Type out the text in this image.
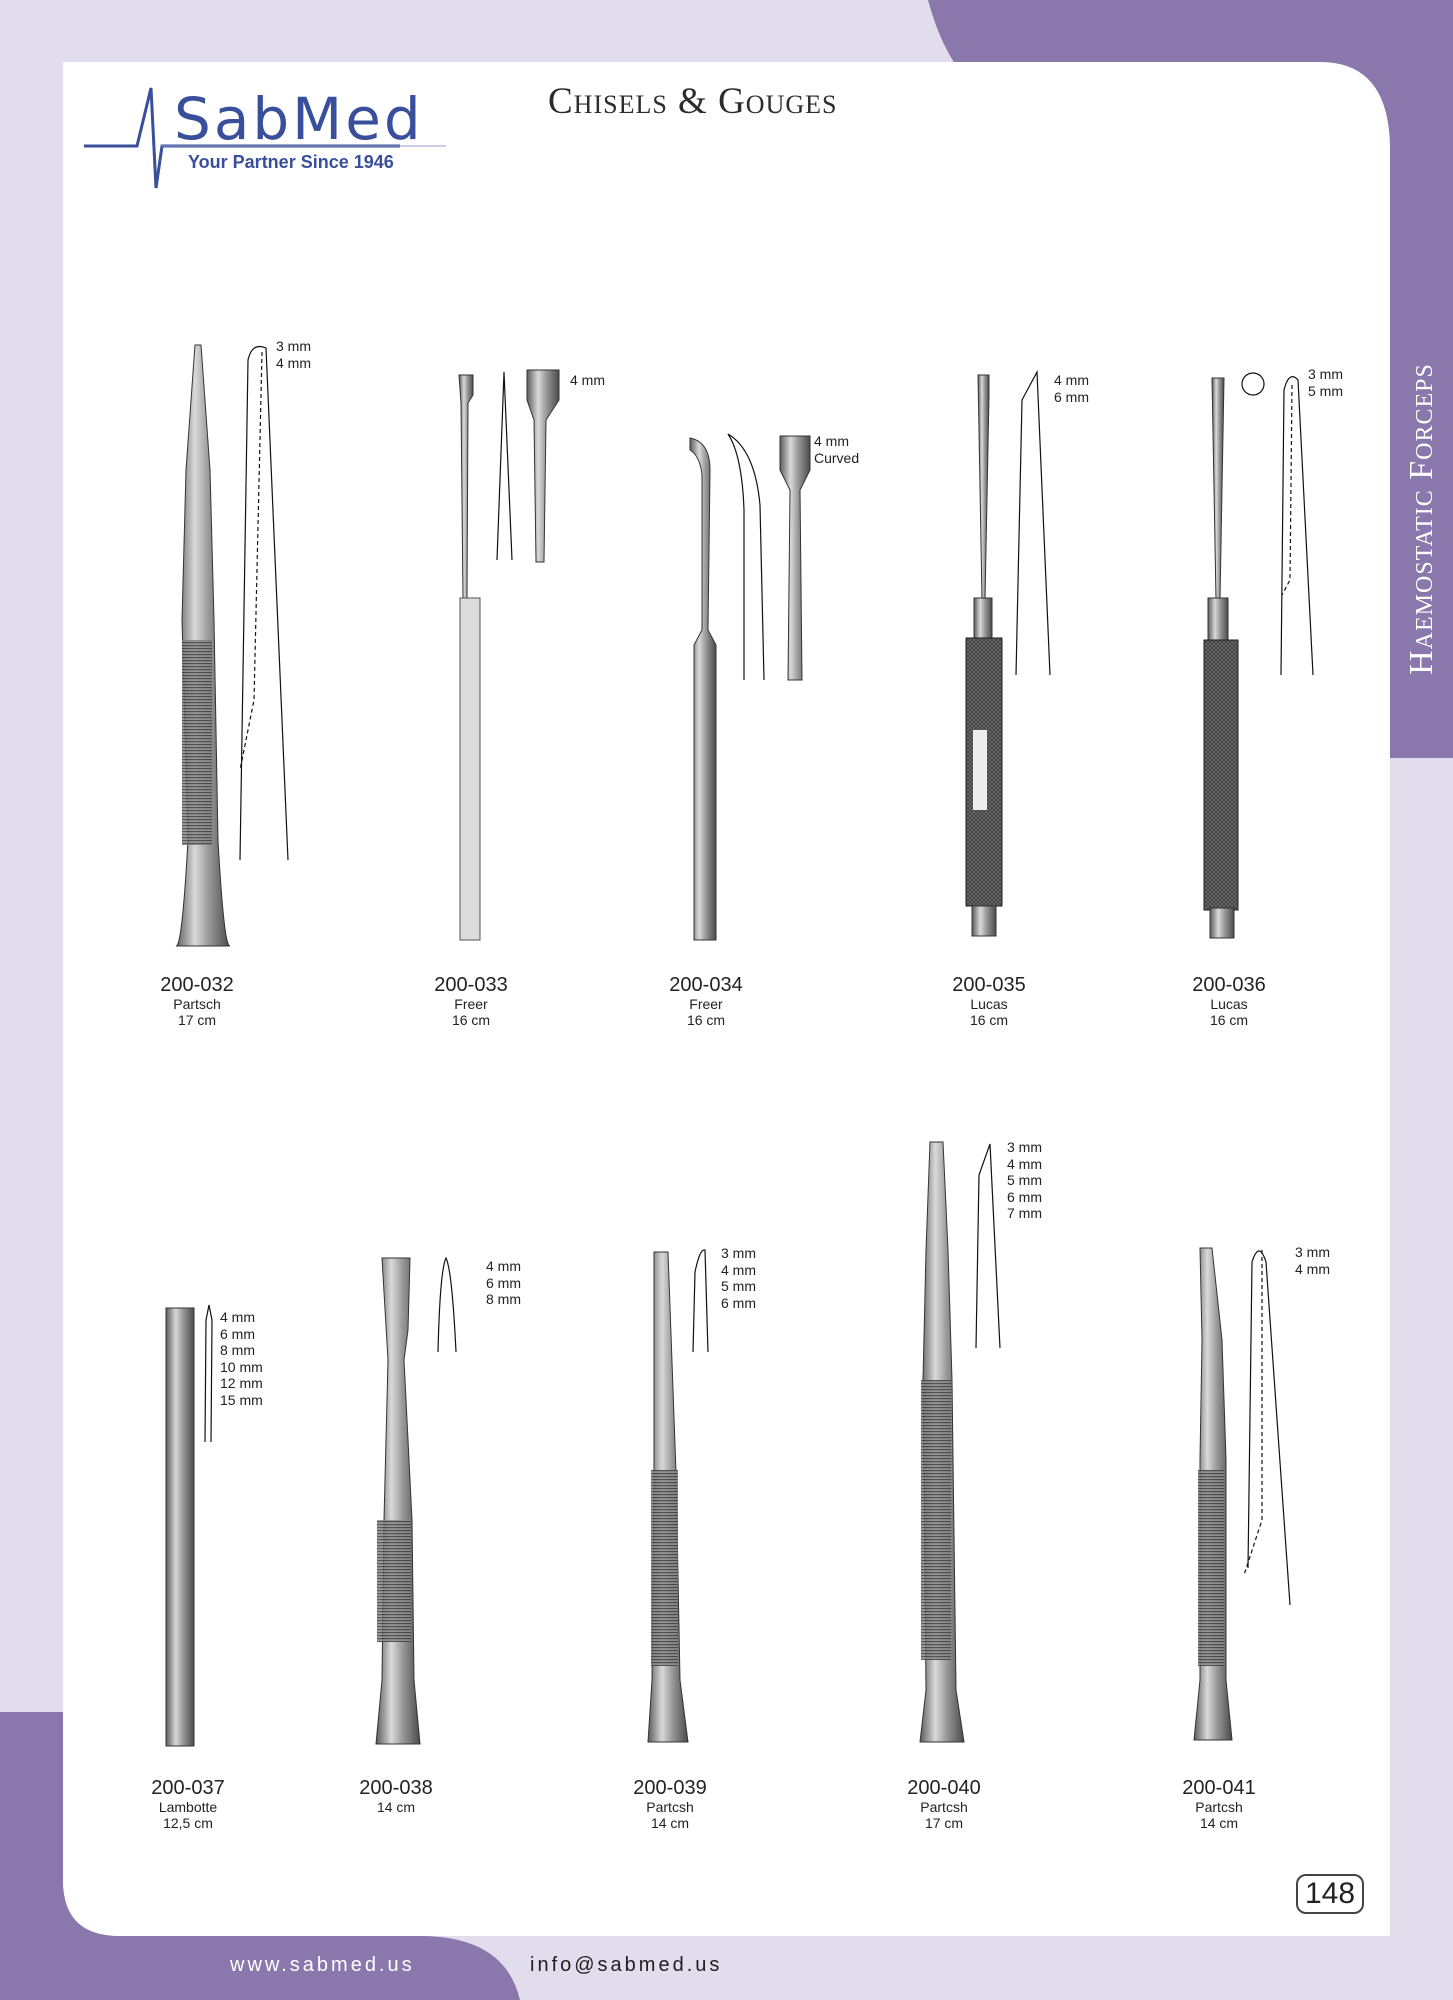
SabMed
Your Partner Since 1946
Chisels & Gouges
Haemostatic Forceps
3 mm
4 mm
4 mm
4 mm
Curved
4 mm
6 mm
3 mm
5 mm
4 mm
6 mm
8 mm
10 mm
12 mm
15 mm
4 mm
6 mm
8 mm
3 mm
4 mm
5 mm
6 mm
3 mm
4 mm
5 mm
6 mm
7 mm
3 mm
4 mm
200-032
Partsch
17 cm
200-033
Freer
16 cm
200-034
Freer
16 cm
200-035
Lucas
16 cm
200-036
Lucas
16 cm
200-037
Lambotte
12,5 cm
200-038
14 cm
200-039
Partcsh
14 cm
200-040
Partcsh
17 cm
200-041
Partcsh
14 cm
148
www.sabmed.us	info@sabmed.us
